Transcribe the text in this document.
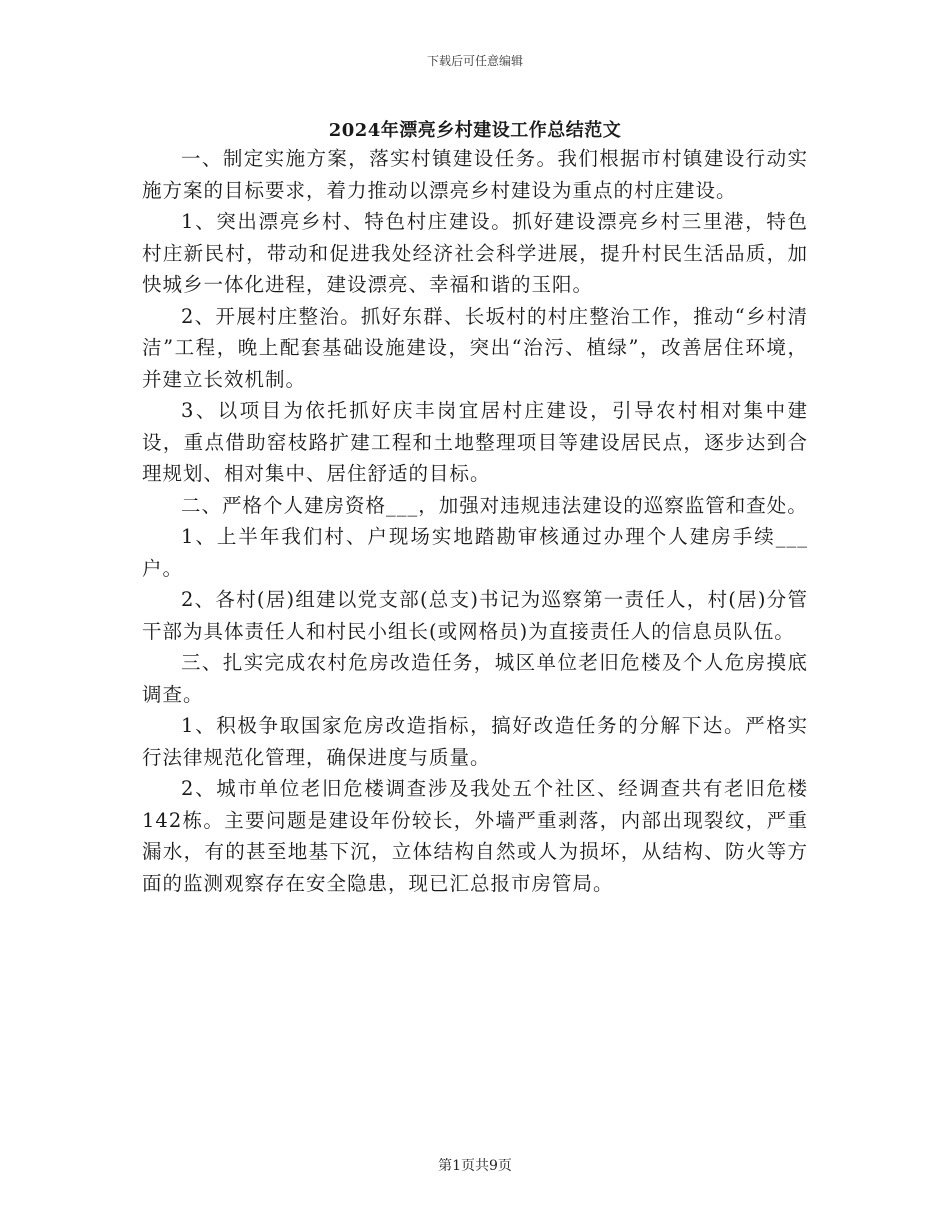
下载后可任意编辑
2024年漂亮乡村建设工作总结范文

一、制定实施方案，落实村镇建设任务。我们根据市村镇建设行动实施方案的目标要求，着力推动以漂亮乡村建设为重点的村庄建设。

1、突出漂亮乡村、特色村庄建设。抓好建设漂亮乡村三里港，特色村庄新民村，带动和促进我处经济社会科学进展，提升村民生活品质，加快城乡一体化进程，建设漂亮、幸福和谐的玉阳。

2、开展村庄整治。抓好东群、长坂村的村庄整治工作，推动“乡村清洁”工程，晚上配套基础设施建设，突出“治污、植绿”，改善居住环境，并建立长效机制。

3、以项目为依托抓好庆丰岗宜居村庄建设，引导农村相对集中建设，重点借助窑枝路扩建工程和土地整理项目等建设居民点，逐步达到合理规划、相对集中、居住舒适的目标。

二、严格个人建房资格___，加强对违规违法建设的巡察监管和查处。

1、上半年我们村、户现场实地踏勘审核通过办理个人建房手续___户。

2、各村(居)组建以党支部(总支)书记为巡察第一责任人，村(居)分管干部为具体责任人和村民小组长(或网格员)为直接责任人的信息员队伍。

三、扎实完成农村危房改造任务，城区单位老旧危楼及个人危房摸底调查。

1、积极争取国家危房改造指标，搞好改造任务的分解下达。严格实行法律规范化管理，确保进度与质量。

2、城市单位老旧危楼调查涉及我处五个社区、经调查共有老旧危楼142栋。主要问题是建设年份较长，外墙严重剥落，内部出现裂纹，严重漏水，有的甚至地基下沉，立体结构自然或人为损坏，从结构、防火等方面的监测观察存在安全隐患，现已汇总报市房管局。

第1页共9页
